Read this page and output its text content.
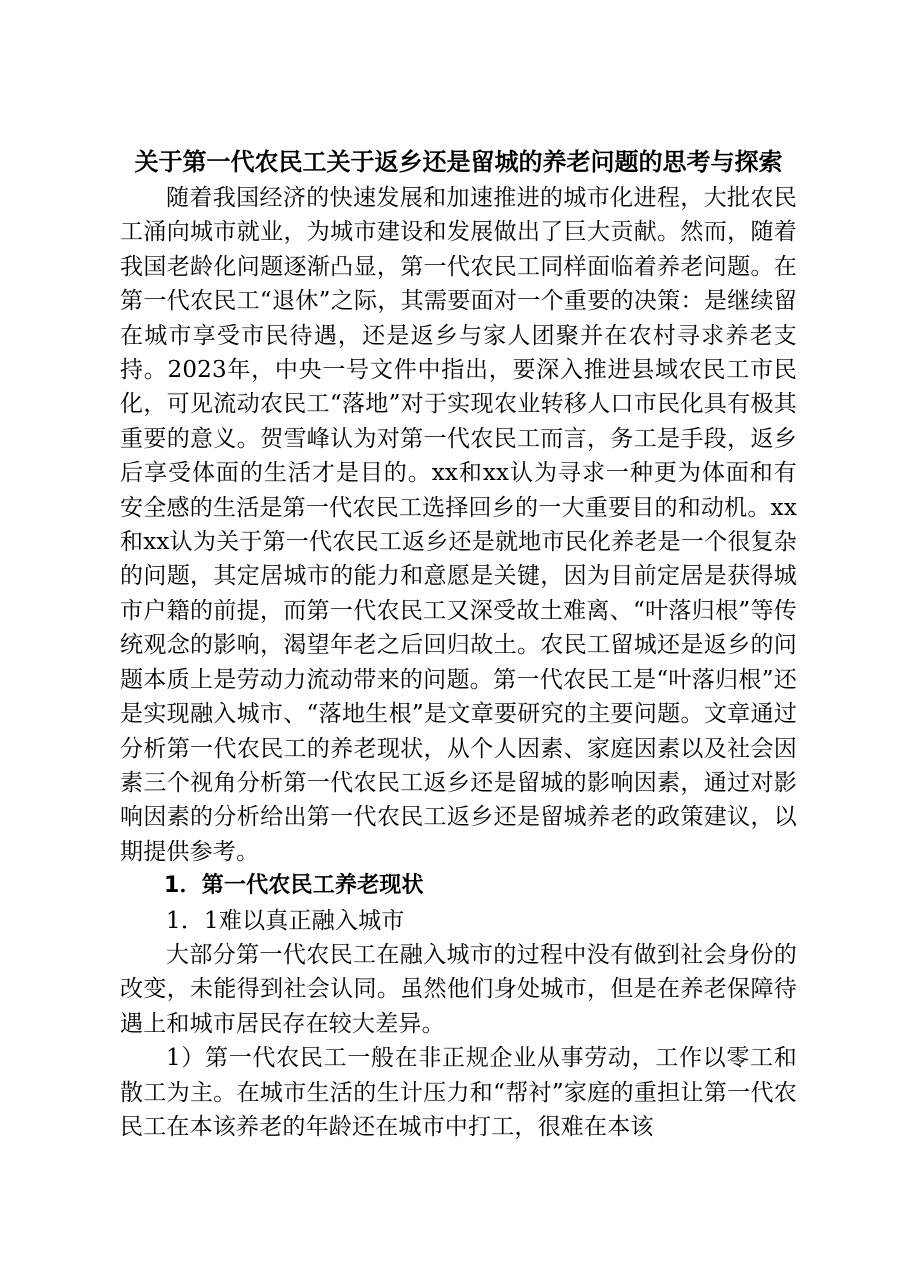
关于第一代农民工关于返乡还是留城的养老问题的思考与探索

随着我国经济的快速发展和加速推进的城市化进程，大批农民工涌向城市就业，为城市建设和发展做出了巨大贡献。然而，随着我国老龄化问题逐渐凸显，第一代农民工同样面临着养老问题。在第一代农民工“退休”之际，其需要面对一个重要的决策：是继续留在城市享受市民待遇，还是返乡与家人团聚并在农村寻求养老支持。2023年，中央一号文件中指出，要深入推进县域农民工市民化，可见流动农民工“落地”对于实现农业转移人口市民化具有极其重要的意义。贺雪峰认为对第一代农民工而言，务工是手段，返乡后享受体面的生活才是目的。xx和xx认为寻求一种更为体面和有安全感的生活是第一代农民工选择回乡的一大重要目的和动机。xx和xx认为关于第一代农民工返乡还是就地市民化养老是一个很复杂的问题，其定居城市的能力和意愿是关键，因为目前定居是获得城市户籍的前提，而第一代农民工又深受故土难离、“叶落归根”等传统观念的影响，渴望年老之后回归故土。农民工留城还是返乡的问题本质上是劳动力流动带来的问题。第一代农民工是“叶落归根”还是实现融入城市、“落地生根”是文章要研究的主要问题。文章通过分析第一代农民工的养老现状，从个人因素、家庭因素以及社会因素三个视角分析第一代农民工返乡还是留城的影响因素，通过对影响因素的分析给出第一代农民工返乡还是留城养老的政策建议，以期提供参考。

1．第一代农民工养老现状

1．1难以真正融入城市

大部分第一代农民工在融入城市的过程中没有做到社会身份的改变，未能得到社会认同。虽然他们身处城市，但是在养老保障待遇上和城市居民存在较大差异。

1）第一代农民工一般在非正规企业从事劳动，工作以零工和散工为主。在城市生活的生计压力和“帮衬”家庭的重担让第一代农民工在本该养老的年龄还在城市中打工，很难在本该
